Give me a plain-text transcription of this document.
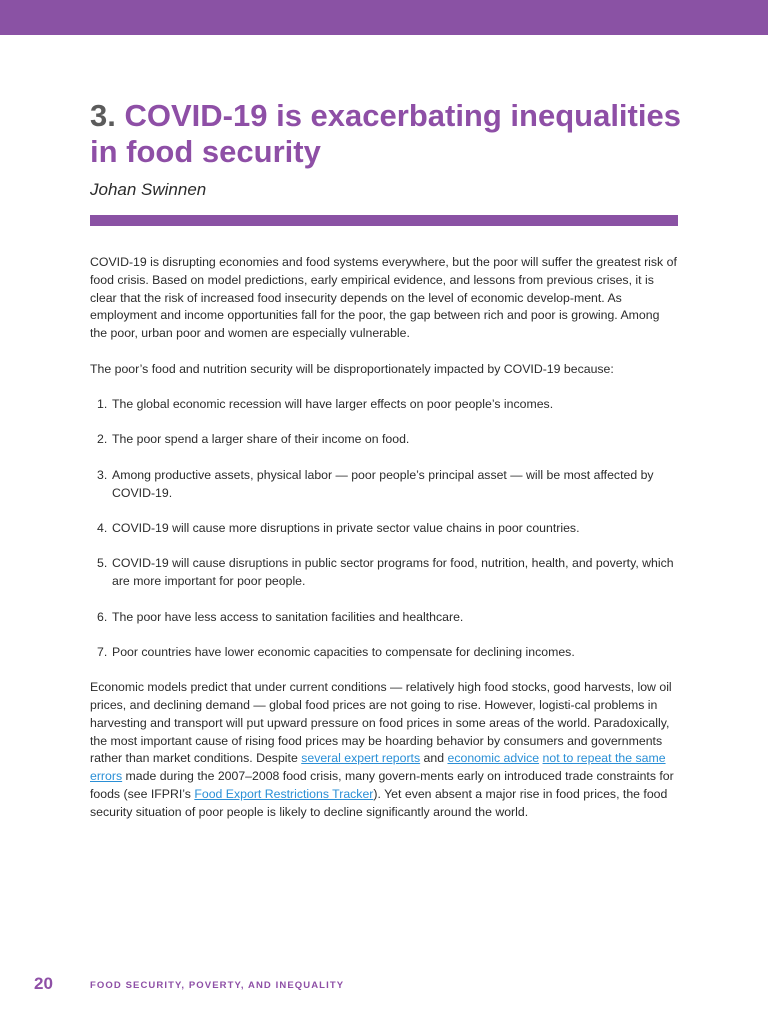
3. COVID-19 is exacerbating inequalities in food security

Johan Swinnen

COVID-19 is disrupting economies and food systems everywhere, but the poor will suffer the greatest risk of food crisis. Based on model predictions, early empirical evidence, and lessons from previous crises, it is clear that the risk of increased food insecurity depends on the level of economic develop-ment. As employment and income opportunities fall for the poor, the gap between rich and poor is growing. Among the poor, urban poor and women are especially vulnerable.

The poor’s food and nutrition security will be disproportionately impacted by COVID-19 because:

1. The global economic recession will have larger effects on poor people’s incomes.
2. The poor spend a larger share of their income on food.
3. Among productive assets, physical labor — poor people’s principal asset — will be most affected by COVID-19.
4. COVID-19 will cause more disruptions in private sector value chains in poor countries.
5. COVID-19 will cause disruptions in public sector programs for food, nutrition, health, and poverty, which are more important for poor people.
6. The poor have less access to sanitation facilities and healthcare.
7. Poor countries have lower economic capacities to compensate for declining incomes.

Economic models predict that under current conditions — relatively high food stocks, good harvests, low oil prices, and declining demand — global food prices are not going to rise. However, logisti-cal problems in harvesting and transport will put upward pressure on food prices in some areas of the world. Paradoxically, the most important cause of rising food prices may be hoarding behavior by consumers and governments rather than market conditions. Despite several expert reports and economic advice not to repeat the same errors made during the 2007–2008 food crisis, many govern-ments early on introduced trade constraints for foods (see IFPRI’s Food Export Restrictions Tracker). Yet even absent a major rise in food prices, the food security situation of poor people is likely to decline significantly around the world.

20	FOOD SECURITY, POVERTY, AND INEQUALITY
